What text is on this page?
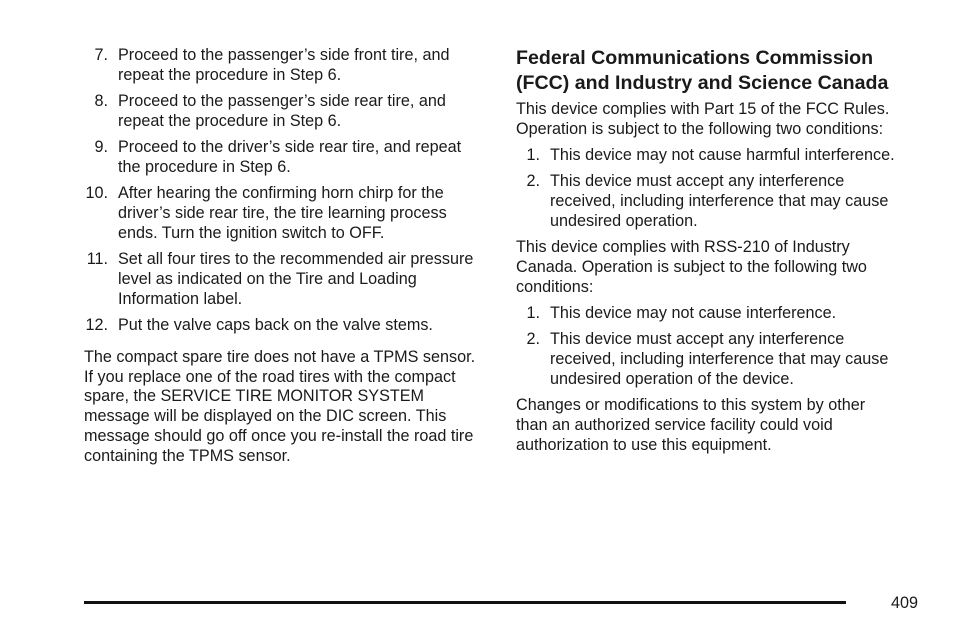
7. Proceed to the passenger’s side front tire, and repeat the procedure in Step 6.
8. Proceed to the passenger’s side rear tire, and repeat the procedure in Step 6.
9. Proceed to the driver’s side rear tire, and repeat the procedure in Step 6.
10. After hearing the confirming horn chirp for the driver’s side rear tire, the tire learning process ends. Turn the ignition switch to OFF.
11. Set all four tires to the recommended air pressure level as indicated on the Tire and Loading Information label.
12. Put the valve caps back on the valve stems.

The compact spare tire does not have a TPMS sensor. If you replace one of the road tires with the compact spare, the SERVICE TIRE MONITOR SYSTEM message will be displayed on the DIC screen. This message should go off once you re-install the road tire containing the TPMS sensor.

Federal Communications Commission (FCC) and Industry and Science Canada

This device complies with Part 15 of the FCC Rules. Operation is subject to the following two conditions:

1. This device may not cause harmful interference.
2. This device must accept any interference received, including interference that may cause undesired operation.

This device complies with RSS-210 of Industry Canada. Operation is subject to the following two conditions:

1. This device may not cause interference.
2. This device must accept any interference received, including interference that may cause undesired operation of the device.

Changes or modifications to this system by other than an authorized service facility could void authorization to use this equipment.

409
